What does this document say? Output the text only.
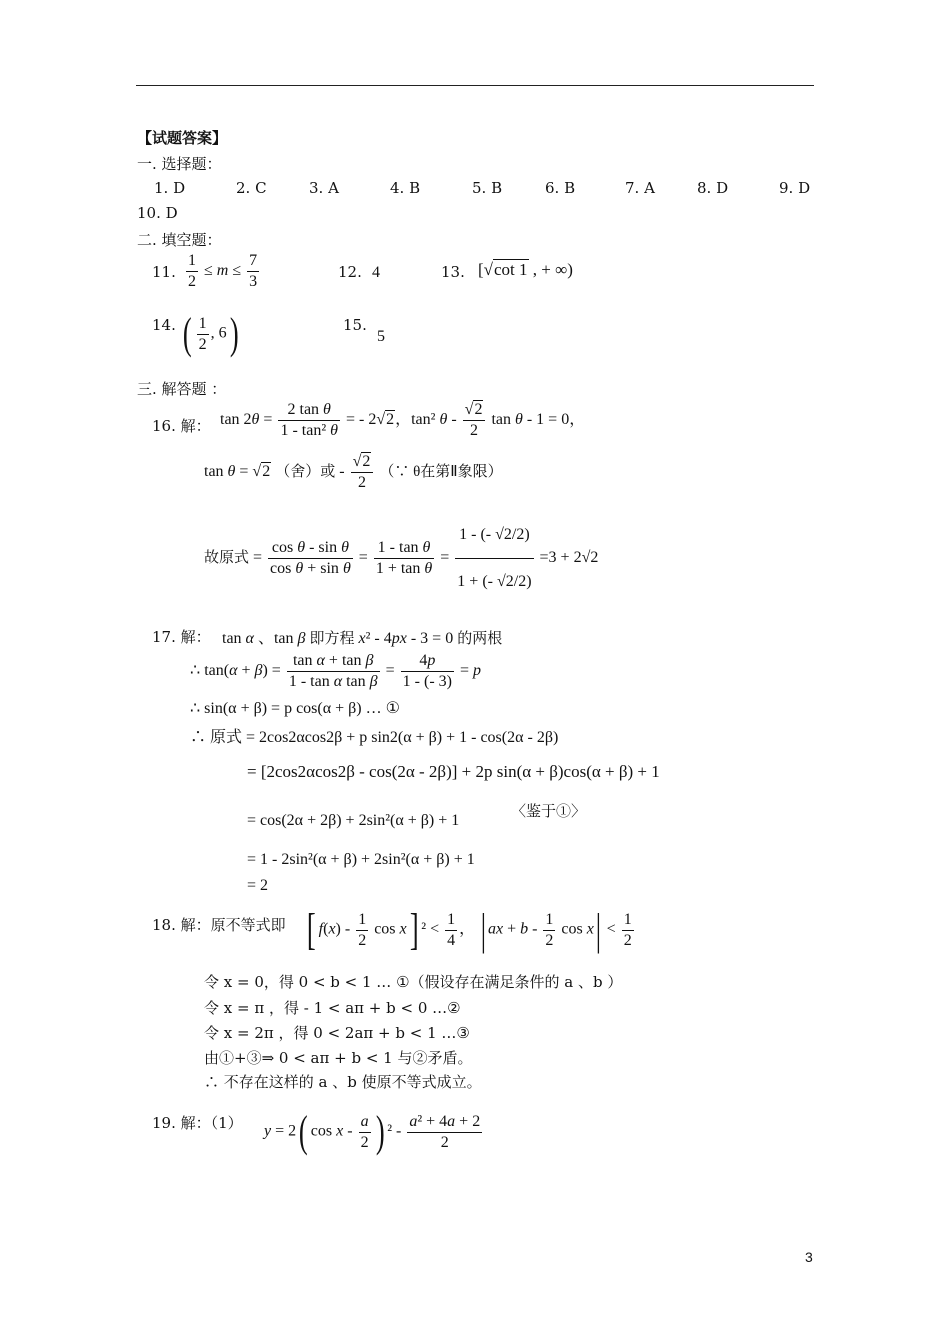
【试题答案】
一. 选择题：
1. D	2. C	3. A	4. B	5. B	6. B	7. A	8. D	9. D
10. D
二. 填空题：
11. $\frac{1}{2} \le m \le \frac{7}{3}$	12. 4	13. [√cot 1 , + ∞)
14. ( $\frac{1}{2}$ , 6)	15.
5
三. 解答题 ：
16. 解： $\tan 2\theta = \frac{\text{2 tan θ}}{\text{1 - tan² θ}}$ = - 2√2，tan² θ - $\frac{√2}{2}$ tan θ - 1 = 0，
tan θ = √2 （舍）或 - $\frac{√2}{2}$ （∵ θ在第Ⅱ象限）
故原式 = $\frac{\text{cos θ - sin θ}}{\text{cos θ + sin θ}} = \frac{\text{1 - tan θ}}{\text{1 + tan θ}} = \frac{1 - (- √2/2)}{1 + (- √2/2)} =3 + 2√2$
17. 解： tan α 、tan β 即方程 x² - 4px - 3 = 0 的两根
∴ $\tan(\alpha + \beta) = \frac{\text{tan α + tan β}}{\text{1 - tan α tan β}} = \frac{4p}{1 - (- 3)} = p$
∴ sin(α + β) = p cos(α + β) … ①
∴ 原式 = 2cos2αcos2β + p sin2(α + β) + 1 - cos(2α - 2β)
= [2cos2αcos2β - cos(2α - 2β)] + 2p sin(α + β)cos(α + β) + 1
= cos(2α + 2β) + 2sin²(α + β) + 1
〈鉴于①〉
= 1 - 2sin²(α + β) + 2sin²(α + β) + 1
= 2
18. 解：原不等式即 [ $f(x) - \frac{1}{2}$ cos x] $^2 < \frac{1}{4}$ ， | ax + b - $\frac{1}{2}$ $\cos x| < \frac{1}{2}$
令 x = 0，得 0 < b < 1 … ①（假设存在满足条件的 a 、b ）
令 x = π ，得 - 1 < aπ + b < 0 …②
令 x = 2π ，得 0 < 2aπ + b < 1 …③
由①+③⇒ 0 < aπ + b < 1 与②矛盾。
∴ 不存在这样的 a 、b 使原不等式成立。
19. 解：（1） y = 2( cos x - $\frac{a}{2}$ ) $^2 - \frac{\text{a² + 4a + 2}}{2}$
3
